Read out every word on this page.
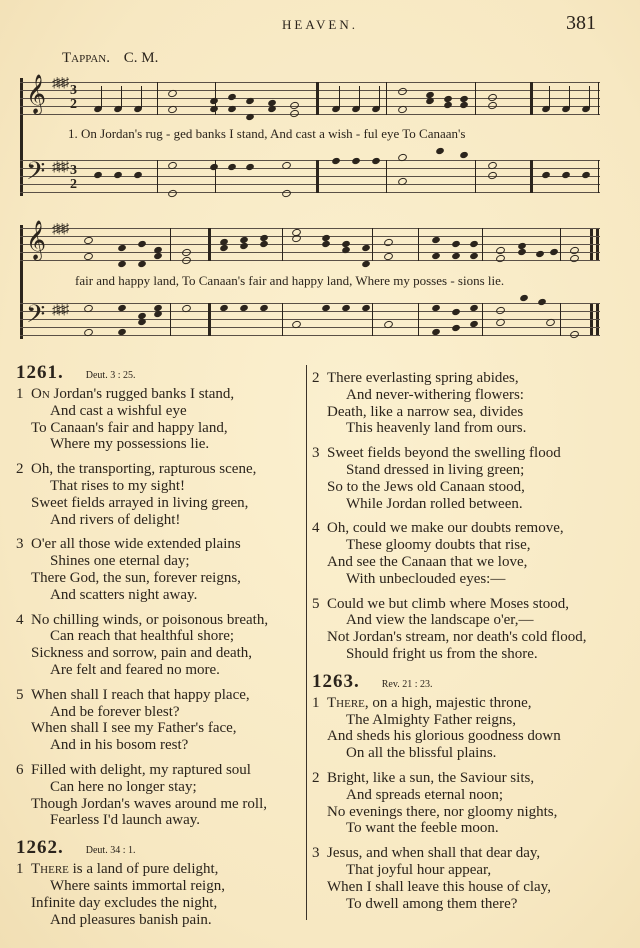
HEAVEN.	381
Tappan. C. M.
𝄞 ♯♯♯ 3
2
𝄢 ♯♯♯ 3
2
1. On Jordan's rug - ged banks I stand, And cast a wish - ful eye To Canaan's
𝄞 ♯♯♯
𝄢 ♯♯♯
fair and happy land, To Canaan's fair and happy land, Where my posses - sions lie.
1261. Deut. 3 : 25.
1 On Jordan's rugged banks I stand,
And cast a wishful eye
To Canaan's fair and happy land,
Where my possessions lie.
2 Oh, the transporting, rapturous scene,
That rises to my sight!
Sweet fields arrayed in living green,
And rivers of delight!
3 O'er all those wide extended plains
Shines one eternal day;
There God, the sun, forever reigns,
And scatters night away.
4 No chilling winds, or poisonous breath,
Can reach that healthful shore;
Sickness and sorrow, pain and death,
Are felt and feared no more.
5 When shall I reach that happy place,
And be forever blest?
When shall I see my Father's face,
And in his bosom rest?
6 Filled with delight, my raptured soul
Can here no longer stay;
Though Jordan's waves around me roll,
Fearless I'd launch away.
1262. Deut. 34 : 1.
1 There is a land of pure delight,
Where saints immortal reign,
Infinite day excludes the night,
And pleasures banish pain.
2 There everlasting spring abides,
And never-withering flowers:
Death, like a narrow sea, divides
This heavenly land from ours.
3 Sweet fields beyond the swelling flood
Stand dressed in living green;
So to the Jews old Canaan stood,
While Jordan rolled between.
4 Oh, could we make our doubts remove,
These gloomy doubts that rise,
And see the Canaan that we love,
With unbeclouded eyes:—
5 Could we but climb where Moses stood,
And view the landscape o'er,—
Not Jordan's stream, nor death's cold flood,
Should fright us from the shore.
1263. Rev. 21 : 23.
1 There, on a high, majestic throne,
The Almighty Father reigns,
And sheds his glorious goodness down
On all the blissful plains.
2 Bright, like a sun, the Saviour sits,
And spreads eternal noon;
No evenings there, nor gloomy nights,
To want the feeble moon.
3 Jesus, and when shall that dear day,
That joyful hour appear,
When I shall leave this house of clay,
To dwell among them there?
